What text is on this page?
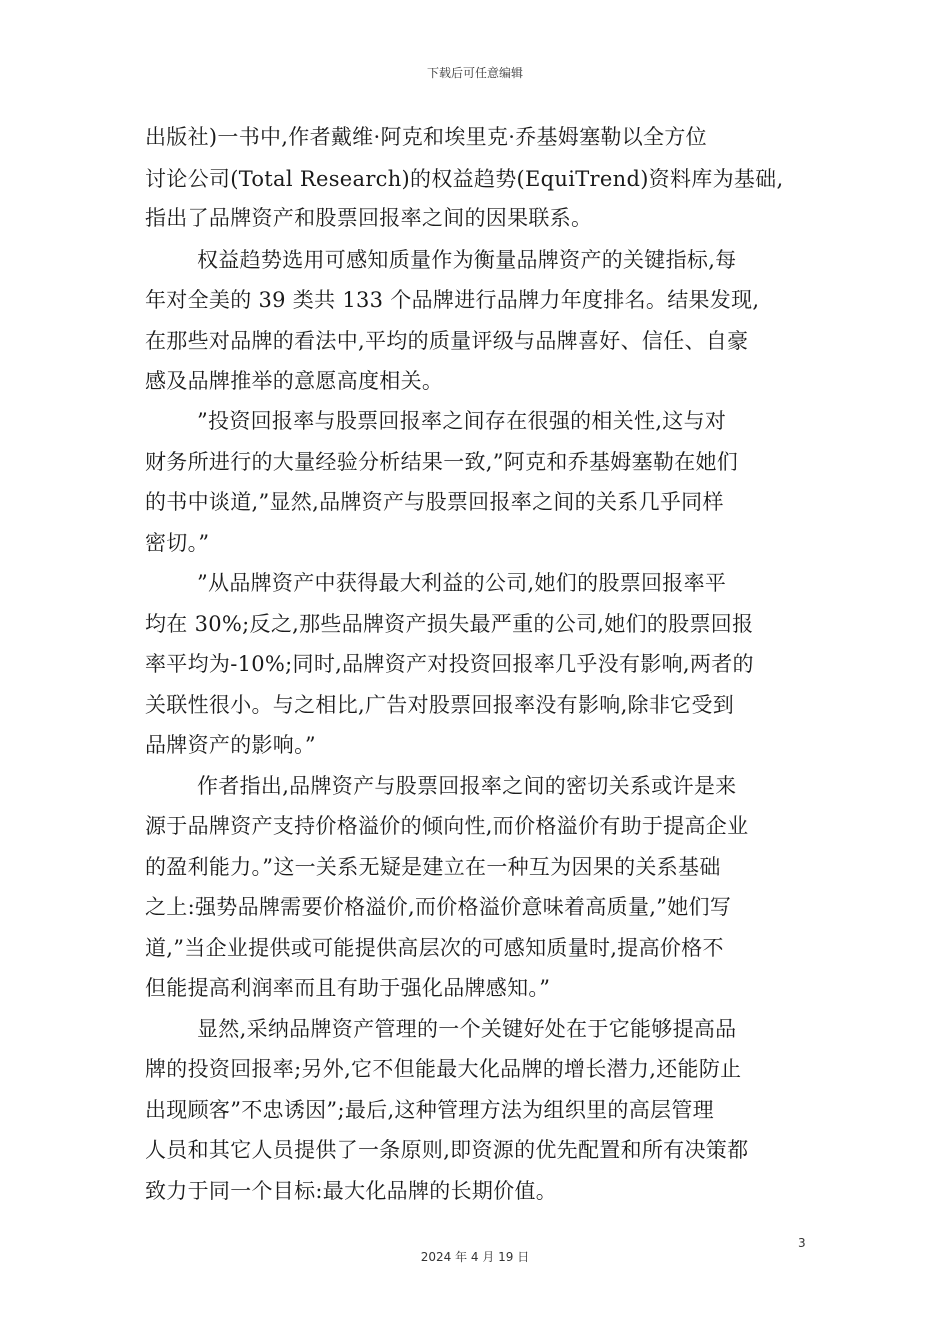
下载后可任意编辑
出版社)一书中,作者戴维·阿克和埃里克·乔基姆塞勒以全方位
讨论公司(Total Research)的权益趋势(EquiTrend)资料库为基础,
指出了品牌资产和股票回报率之间的因果联系。
权益趋势选用可感知质量作为衡量品牌资产的关键指标,每
年对全美的 39 类共 133 个品牌进行品牌力年度排名。结果发现,
在那些对品牌的看法中,平均的质量评级与品牌喜好、信任、自豪
感及品牌推举的意愿高度相关。
”投资回报率与股票回报率之间存在很强的相关性,这与对
财务所进行的大量经验分析结果一致,”阿克和乔基姆塞勒在她们
的书中谈道,”显然,品牌资产与股票回报率之间的关系几乎同样
密切。”
”从品牌资产中获得最大利益的公司,她们的股票回报率平
均在 30%;反之,那些品牌资产损失最严重的公司,她们的股票回报
率平均为-10%;同时,品牌资产对投资回报率几乎没有影响,两者的
关联性很小。与之相比,广告对股票回报率没有影响,除非它受到
品牌资产的影响。”
作者指出,品牌资产与股票回报率之间的密切关系或许是来
源于品牌资产支持价格溢价的倾向性,而价格溢价有助于提高企业
的盈利能力。”这一关系无疑是建立在一种互为因果的关系基础
之上:强势品牌需要价格溢价,而价格溢价意味着高质量,”她们写
道,”当企业提供或可能提供高层次的可感知质量时,提高价格不
但能提高利润率而且有助于强化品牌感知。”
显然,采纳品牌资产管理的一个关键好处在于它能够提高品
牌的投资回报率;另外,它不但能最大化品牌的增长潜力,还能防止
出现顾客”不忠诱因”;最后,这种管理方法为组织里的高层管理
人员和其它人员提供了一条原则,即资源的优先配置和所有决策都
致力于同一个目标:最大化品牌的长期价值。
3
2024 年 4 月 19 日
